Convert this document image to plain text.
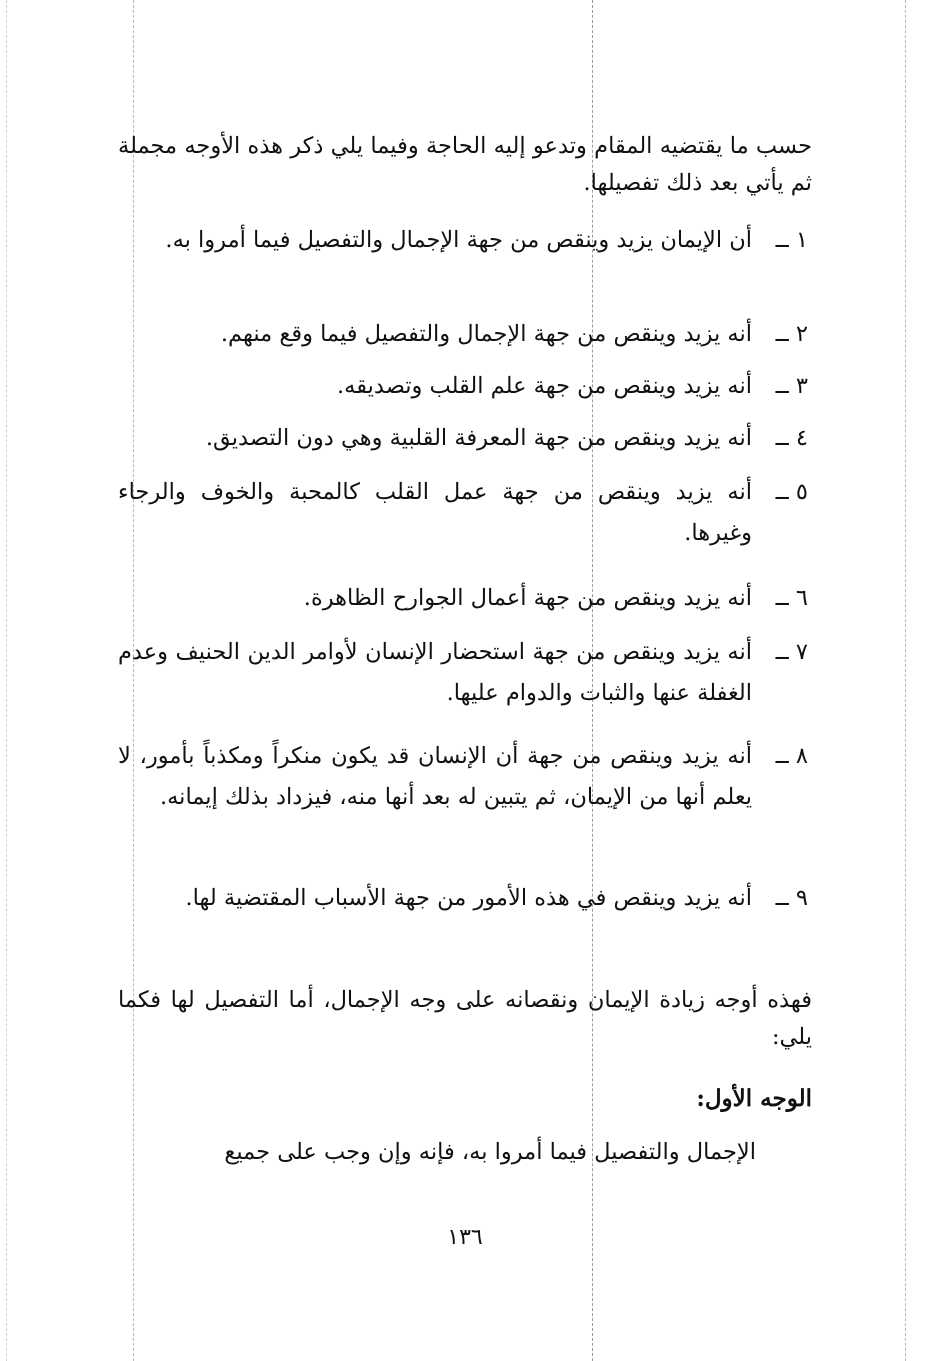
حسب ما يقتضيه المقام وتدعو إليه الحاجة وفيما يلي ذكر هذه الأوجه مجملة ثم يأتي بعد ذلك تفصيلها.

١ ــ
أن الإيمان يزيد وينقص من جهة الإجمال والتفصيل فيما أمروا به.
٢ ــ
أنه يزيد وينقص من جهة الإجمال والتفصيل فيما وقع منهم.
٣ ــ
أنه يزيد وينقص من جهة علم القلب وتصديقه.
٤ ــ
أنه يزيد وينقص من جهة المعرفة القلبية وهي دون التصديق.
٥ ــ
أنه يزيد وينقص من جهة عمل القلب كالمحبة والخوف والرجاء وغيرها.
٦ ــ
أنه يزيد وينقص من جهة أعمال الجوارح الظاهرة.
٧ ــ
أنه يزيد وينقص من جهة استحضار الإنسان لأوامر الدين الحنيف وعدم الغفلة عنها والثبات والدوام عليها.
٨ ــ
أنه يزيد وينقص من جهة أن الإنسان قد يكون منكراً ومكذباً بأمور، لا يعلم أنها من الإيمان، ثم يتبين له بعد أنها منه، فيزداد بذلك إيمانه.
٩ ــ
أنه يزيد وينقص في هذه الأمور من جهة الأسباب المقتضية لها.

فهذه أوجه زيادة الإيمان ونقصانه على وجه الإجمال، أما التفصيل لها فكما يلي:

الوجه الأول:

الإجمال والتفصيل فيما أمروا به، فإنه وإن وجب على جميع

١٣٦
